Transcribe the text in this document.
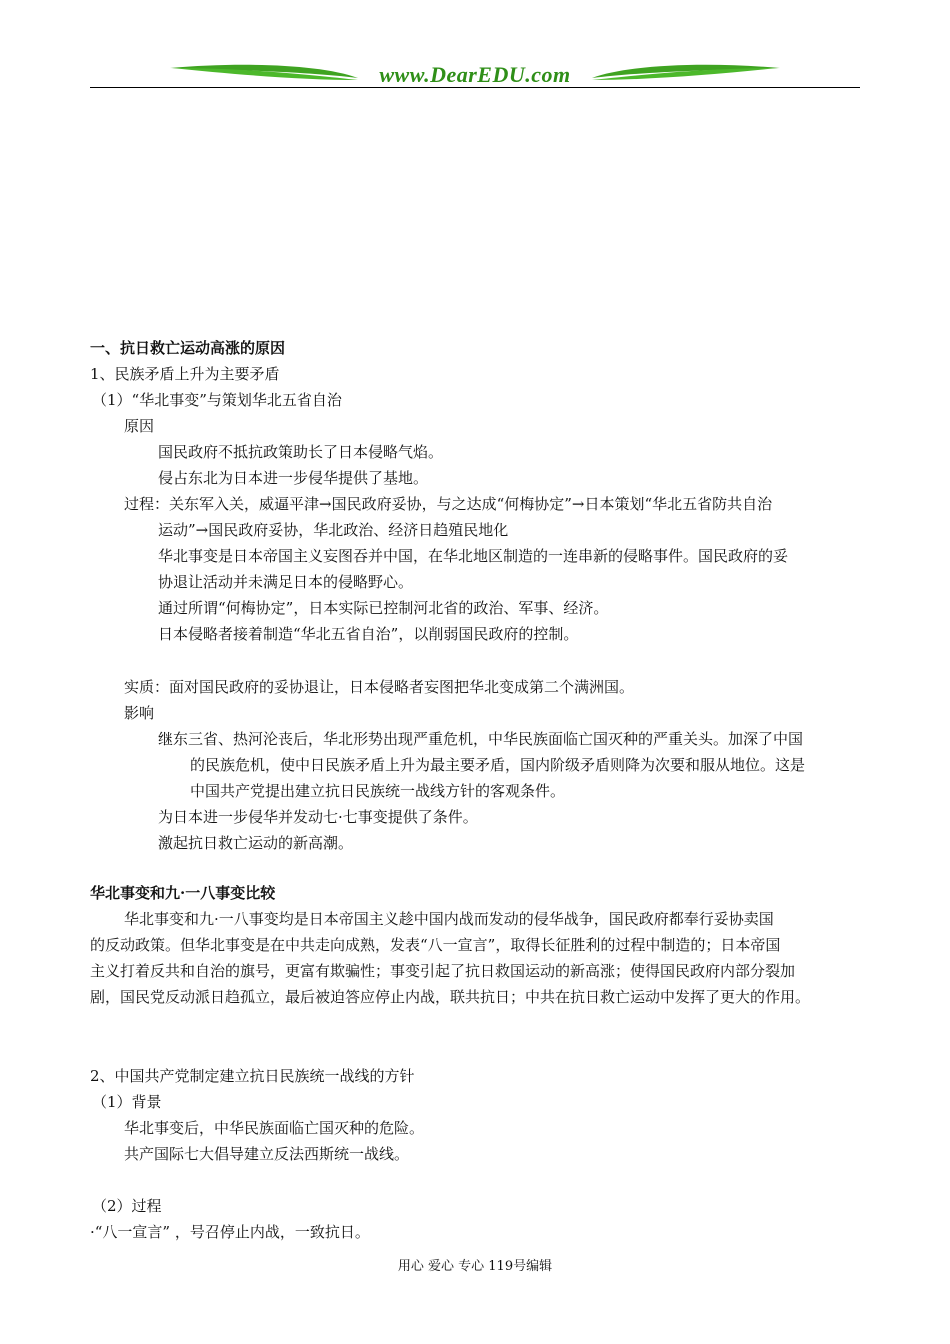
www.DearEDU.com
一、抗日救亡运动高涨的原因
1、民族矛盾上升为主要矛盾
（1）“华北事变”与策划华北五省自治
原因
国民政府不抵抗政策助长了日本侵略气焰。
侵占东北为日本进一步侵华提供了基地。
过程：关东军入关，威逼平津→国民政府妥协，与之达成“何梅协定”→日本策划“华北五省防共自治
运动”→国民政府妥协，华北政治、经济日趋殖民地化
华北事变是日本帝国主义妄图吞并中国，在华北地区制造的一连串新的侵略事件。国民政府的妥
协退让活动并未满足日本的侵略野心。
通过所谓“何梅协定”，日本实际已控制河北省的政治、军事、经济。
日本侵略者接着制造“华北五省自治”，以削弱国民政府的控制。
实质：面对国民政府的妥协退让，日本侵略者妄图把华北变成第二个满洲国。
影响
继东三省、热河沦丧后，华北形势出现严重危机，中华民族面临亡国灭种的严重关头。加深了中国
的民族危机，使中日民族矛盾上升为最主要矛盾，国内阶级矛盾则降为次要和服从地位。这是
中国共产党提出建立抗日民族统一战线方针的客观条件。
为日本进一步侵华并发动七·七事变提供了条件。
激起抗日救亡运动的新高潮。
华北事变和九·一八事变比较
华北事变和九·一八事变均是日本帝国主义趁中国内战而发动的侵华战争，国民政府都奉行妥协卖国
的反动政策。但华北事变是在中共走向成熟，发表“八一宣言”，取得长征胜利的过程中制造的；日本帝国
主义打着反共和自治的旗号，更富有欺骗性；事变引起了抗日救国运动的新高涨；使得国民政府内部分裂加
剧，国民党反动派日趋孤立，最后被迫答应停止内战，联共抗日；中共在抗日救亡运动中发挥了更大的作用。
2、中国共产党制定建立抗日民族统一战线的方针
（1）背景
华北事变后，中华民族面临亡国灭种的危险。
共产国际七大倡导建立反法西斯统一战线。
（2）过程
·“八一宣言” ，号召停止内战，一致抗日。
用心 爱心 专心 119号编辑
